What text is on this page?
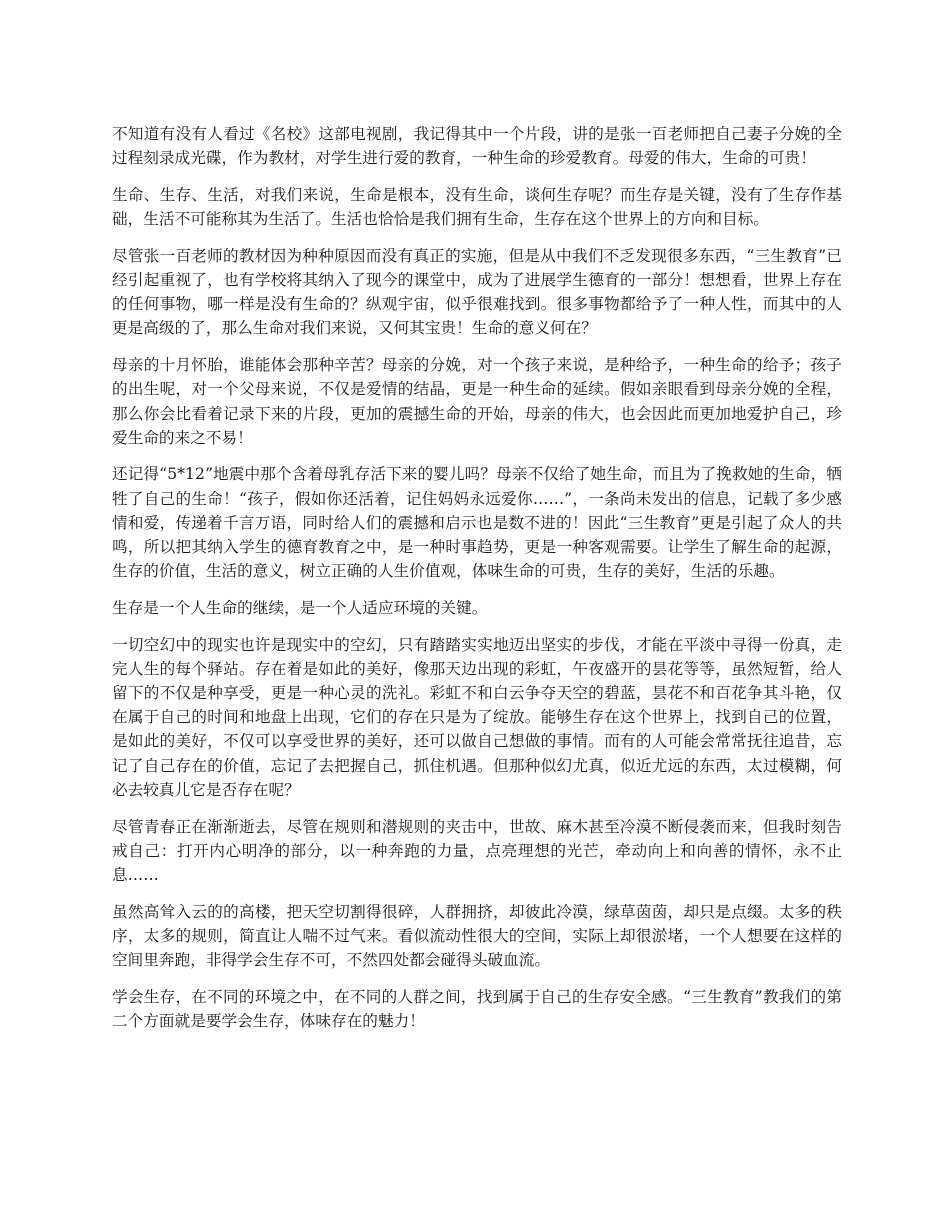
不知道有没有人看过《名校》这部电视剧，我记得其中一个片段，讲的是张一百老师把自己妻子分娩的全过程刻录成光碟，作为教材，对学生进行爱的教育，一种生命的珍爱教育。母爱的伟大，生命的可贵！

生命、生存、生活，对我们来说，生命是根本，没有生命，谈何生存呢？而生存是关键，没有了生存作基础，生活不可能称其为生活了。生活也恰恰是我们拥有生命，生存在这个世界上的方向和目标。

尽管张一百老师的教材因为种种原因而没有真正的实施，但是从中我们不乏发现很多东西，“三生教育”已经引起重视了，也有学校将其纳入了现今的课堂中，成为了进展学生德育的一部分！想想看，世界上存在的任何事物，哪一样是没有生命的？纵观宇宙，似乎很难找到。很多事物都给予了一种人性，而其中的人更是高级的了，那么生命对我们来说，又何其宝贵！生命的意义何在？

母亲的十月怀胎，谁能体会那种辛苦？母亲的分娩，对一个孩子来说，是种给予，一种生命的给予；孩子的出生呢，对一个父母来说，不仅是爱情的结晶，更是一种生命的延续。假如亲眼看到母亲分娩的全程，那么你会比看着记录下来的片段，更加的震撼生命的开始，母亲的伟大，也会因此而更加地爱护自己，珍爱生命的来之不易！

还记得“5*12”地震中那个含着母乳存活下来的婴儿吗？母亲不仅给了她生命，而且为了挽救她的生命，牺牲了自己的生命！“孩子，假如你还活着，记住妈妈永远爱你……”，一条尚未发出的信息，记载了多少感情和爱，传递着千言万语，同时给人们的震撼和启示也是数不进的！因此“三生教育”更是引起了众人的共鸣，所以把其纳入学生的德育教育之中，是一种时事趋势，更是一种客观需要。让学生了解生命的起源，生存的价值，生活的意义，树立正确的人生价值观，体味生命的可贵，生存的美好，生活的乐趣。

生存是一个人生命的继续，是一个人适应环境的关键。

一切空幻中的现实也许是现实中的空幻，只有踏踏实实地迈出坚实的步伐，才能在平淡中寻得一份真，走完人生的每个驿站。存在着是如此的美好，像那天边出现的彩虹，午夜盛开的昙花等等，虽然短暂，给人留下的不仅是种享受，更是一种心灵的洗礼。彩虹不和白云争夺天空的碧蓝，昙花不和百花争其斗艳，仅在属于自己的时间和地盘上出现，它们的存在只是为了绽放。能够生存在这个世界上，找到自己的位置，是如此的美好，不仅可以享受世界的美好，还可以做自己想做的事情。而有的人可能会常常抚往追昔，忘记了自己存在的价值，忘记了去把握自己，抓住机遇。但那种似幻尤真，似近尤远的东西，太过模糊，何必去较真儿它是否存在呢？

尽管青春正在渐渐逝去，尽管在规则和潜规则的夹击中，世故、麻木甚至冷漠不断侵袭而来，但我时刻告戒自己：打开内心明净的部分，以一种奔跑的力量，点亮理想的光芒，牵动向上和向善的情怀，永不止息……

虽然高耸入云的的高楼，把天空切割得很碎，人群拥挤，却彼此冷漠，绿草茵茵，却只是点缀。太多的秩序，太多的规则，简直让人喘不过气来。看似流动性很大的空间，实际上却很淤堵，一个人想要在这样的空间里奔跑，非得学会生存不可，不然四处都会碰得头破血流。

学会生存，在不同的环境之中，在不同的人群之间，找到属于自己的生存安全感。“三生教育”教我们的第二个方面就是要学会生存，体味存在的魅力！
